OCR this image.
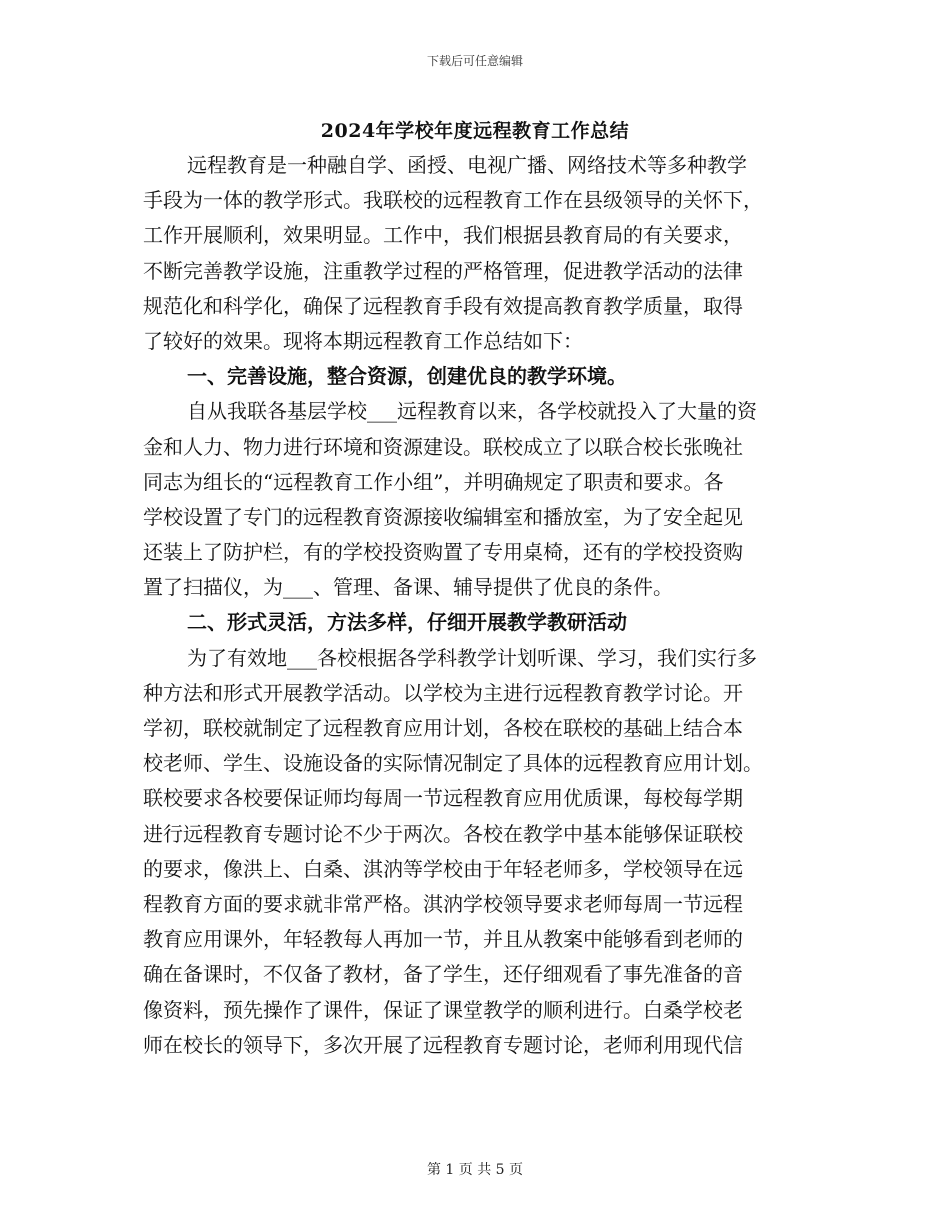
下载后可任意编辑
2024年学校年度远程教育工作总结
远程教育是一种融自学、函授、电视广播、网络技术等多种教学
手段为一体的教学形式。我联校的远程教育工作在县级领导的关怀下，
工作开展顺利，效果明显。工作中，我们根据县教育局的有关要求，
不断完善教学设施，注重教学过程的严格管理，促进教学活动的法律
规范化和科学化，确保了远程教育手段有效提高教育教学质量，取得
了较好的效果。现将本期远程教育工作总结如下：
一、完善设施，整合资源，创建优良的教学环境。
自从我联各基层学校___远程教育以来，各学校就投入了大量的资
金和人力、物力进行环境和资源建设。联校成立了以联合校长张晚社
同志为组长的“远程教育工作小组”，并明确规定了职责和要求。各
学校设置了专门的远程教育资源接收编辑室和播放室，为了安全起见
还装上了防护栏，有的学校投资购置了专用桌椅，还有的学校投资购
置了扫描仪，为___、管理、备课、辅导提供了优良的条件。
二、形式灵活，方法多样，仔细开展教学教研活动
为了有效地___各校根据各学科教学计划听课、学习，我们实行多
种方法和形式开展教学活动。以学校为主进行远程教育教学讨论。开
学初，联校就制定了远程教育应用计划，各校在联校的基础上结合本
校老师、学生、设施设备的实际情况制定了具体的远程教育应用计划。
联校要求各校要保证师均每周一节远程教育应用优质课，每校每学期
进行远程教育专题讨论不少于两次。各校在教学中基本能够保证联校
的要求，像洪上、白桑、淇汭等学校由于年轻老师多，学校领导在远
程教育方面的要求就非常严格。淇汭学校领导要求老师每周一节远程
教育应用课外，年轻教每人再加一节，并且从教案中能够看到老师的
确在备课时，不仅备了教材，备了学生，还仔细观看了事先准备的音
像资料，预先操作了课件，保证了课堂教学的顺利进行。白桑学校老
师在校长的领导下，多次开展了远程教育专题讨论，老师利用现代信
第 1 页 共 5 页
